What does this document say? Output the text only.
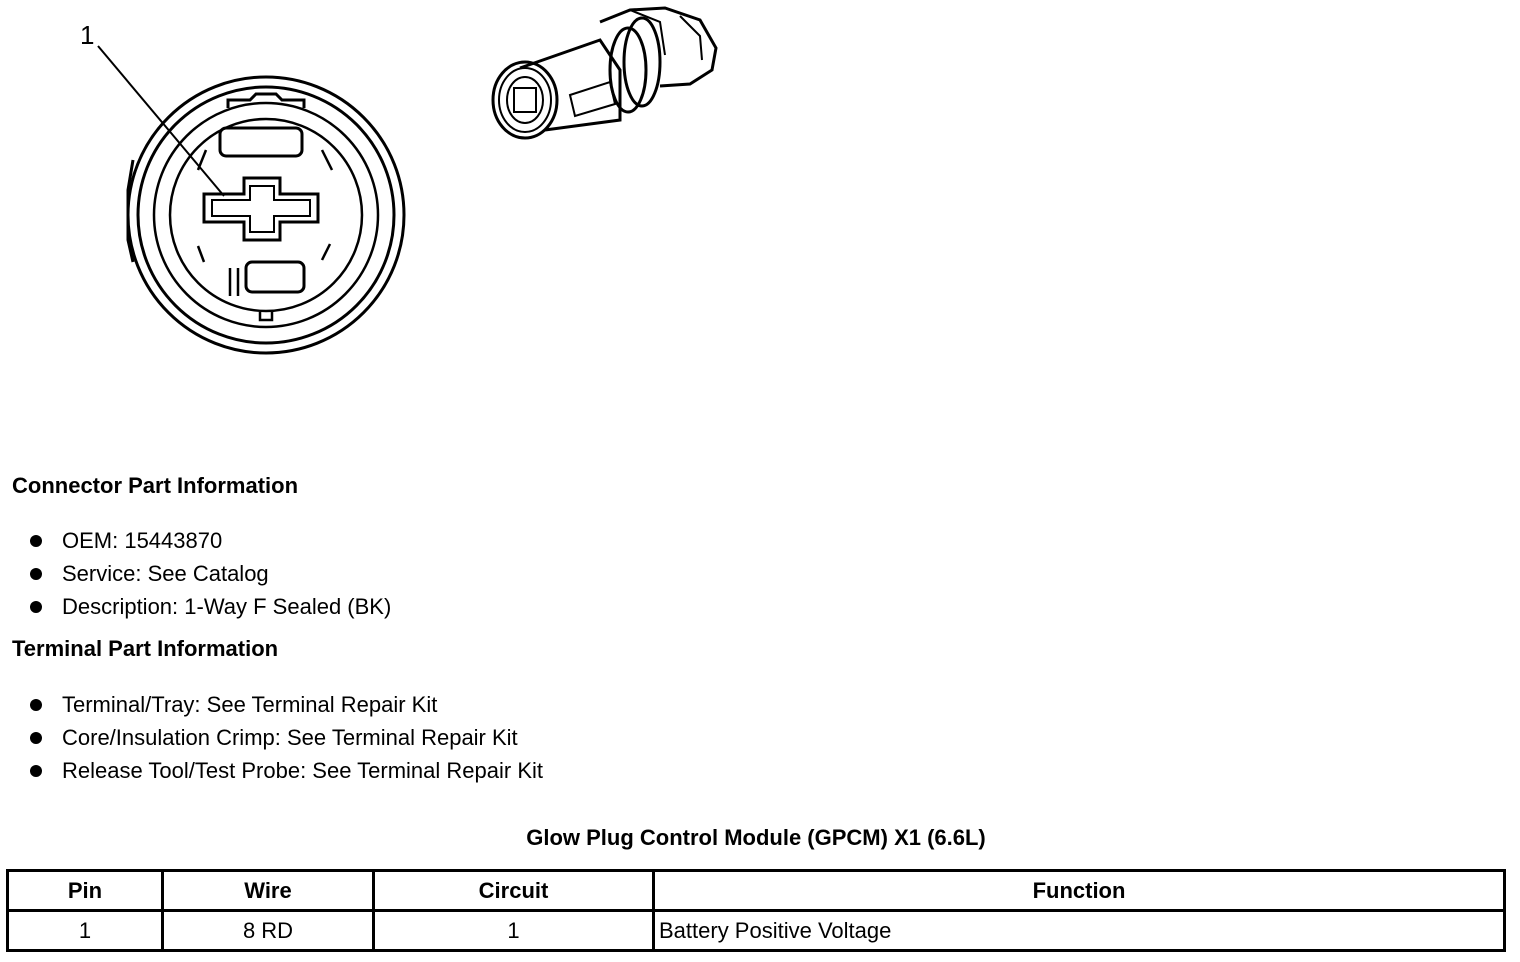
1
Connector Part Information
OEM: 15443870
Service: See Catalog
Description: 1-Way F Sealed (BK)
Terminal Part Information
Terminal/Tray: See Terminal Repair Kit
Core/Insulation Crimp: See Terminal Repair Kit
Release Tool/Test Probe: See Terminal Repair Kit
Glow Plug Control Module (GPCM) X1 (6.6L)
Pin	Wire	Circuit	Function
1	8 RD	1	Battery Positive Voltage
